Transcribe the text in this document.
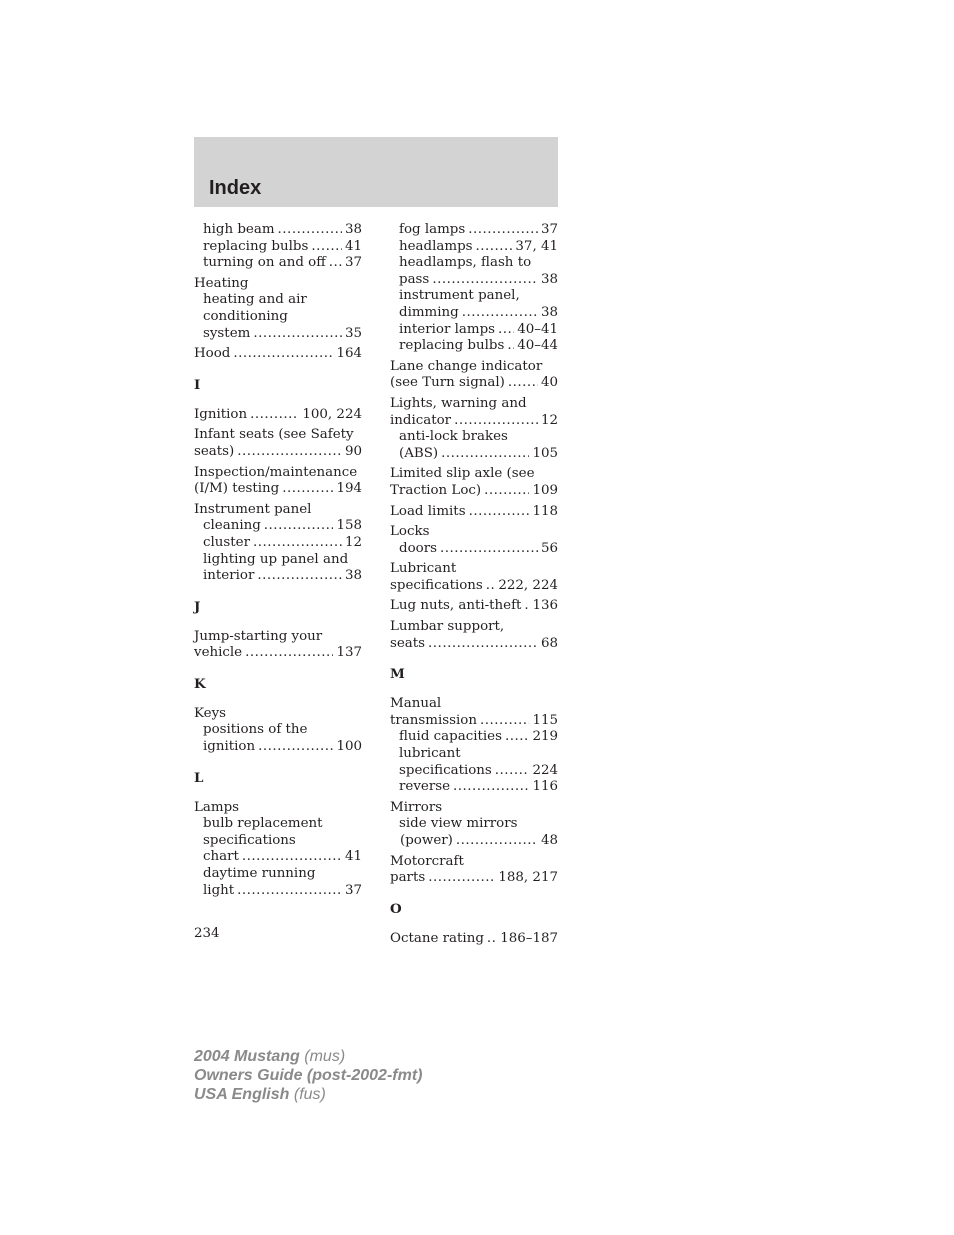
Index
high beam .....	38
replacing bulbs .....	41
turning on and off ..... 37
Heating
heating and air
conditioning
system .....	35
Hood .....	164
I
Ignition .....	100, 224
Infant seats (see Safety
seats) .....	90
Inspection/maintenance
(I/M) testing .....	194
Instrument panel
cleaning .....	158
cluster .....	12
lighting up panel and
interior .....	38
J
Jump-starting your
vehicle .....	137
K
Keys
positions of the
ignition .....	100
L
Lamps
bulb replacement
specifications
chart .....	41
daytime running
light .....	37
fog lamps .....	37
headlamps .....	37, 41
headlamps, flash to
pass .....	38
instrument panel,
dimming .....	38
interior lamps ..... 40–41
replacing bulbs ..... 40–44
Lane change indicator
(see Turn signal) .....	40
Lights, warning and
indicator .....	12
anti-lock brakes
(ABS) .....	105
Limited slip axle (see
Traction Loc) .....	109
Load limits .....	118
Locks
doors .....	56
Lubricant
specifications ..... 222, 224
Lug nuts, anti-theft ..... 136
Lumbar support,
seats .....	68
M
Manual
transmission .....	115
fluid capacities ..... 219
lubricant
specifications .....	224
reverse .....	116
Mirrors
side view mirrors
(power) .....	48
Motorcraft
parts .....	188, 217
O
Octane rating ..... 186–187
234
2004 Mustang (mus)
Owners Guide (post-2002-fmt)
USA English (fus)
